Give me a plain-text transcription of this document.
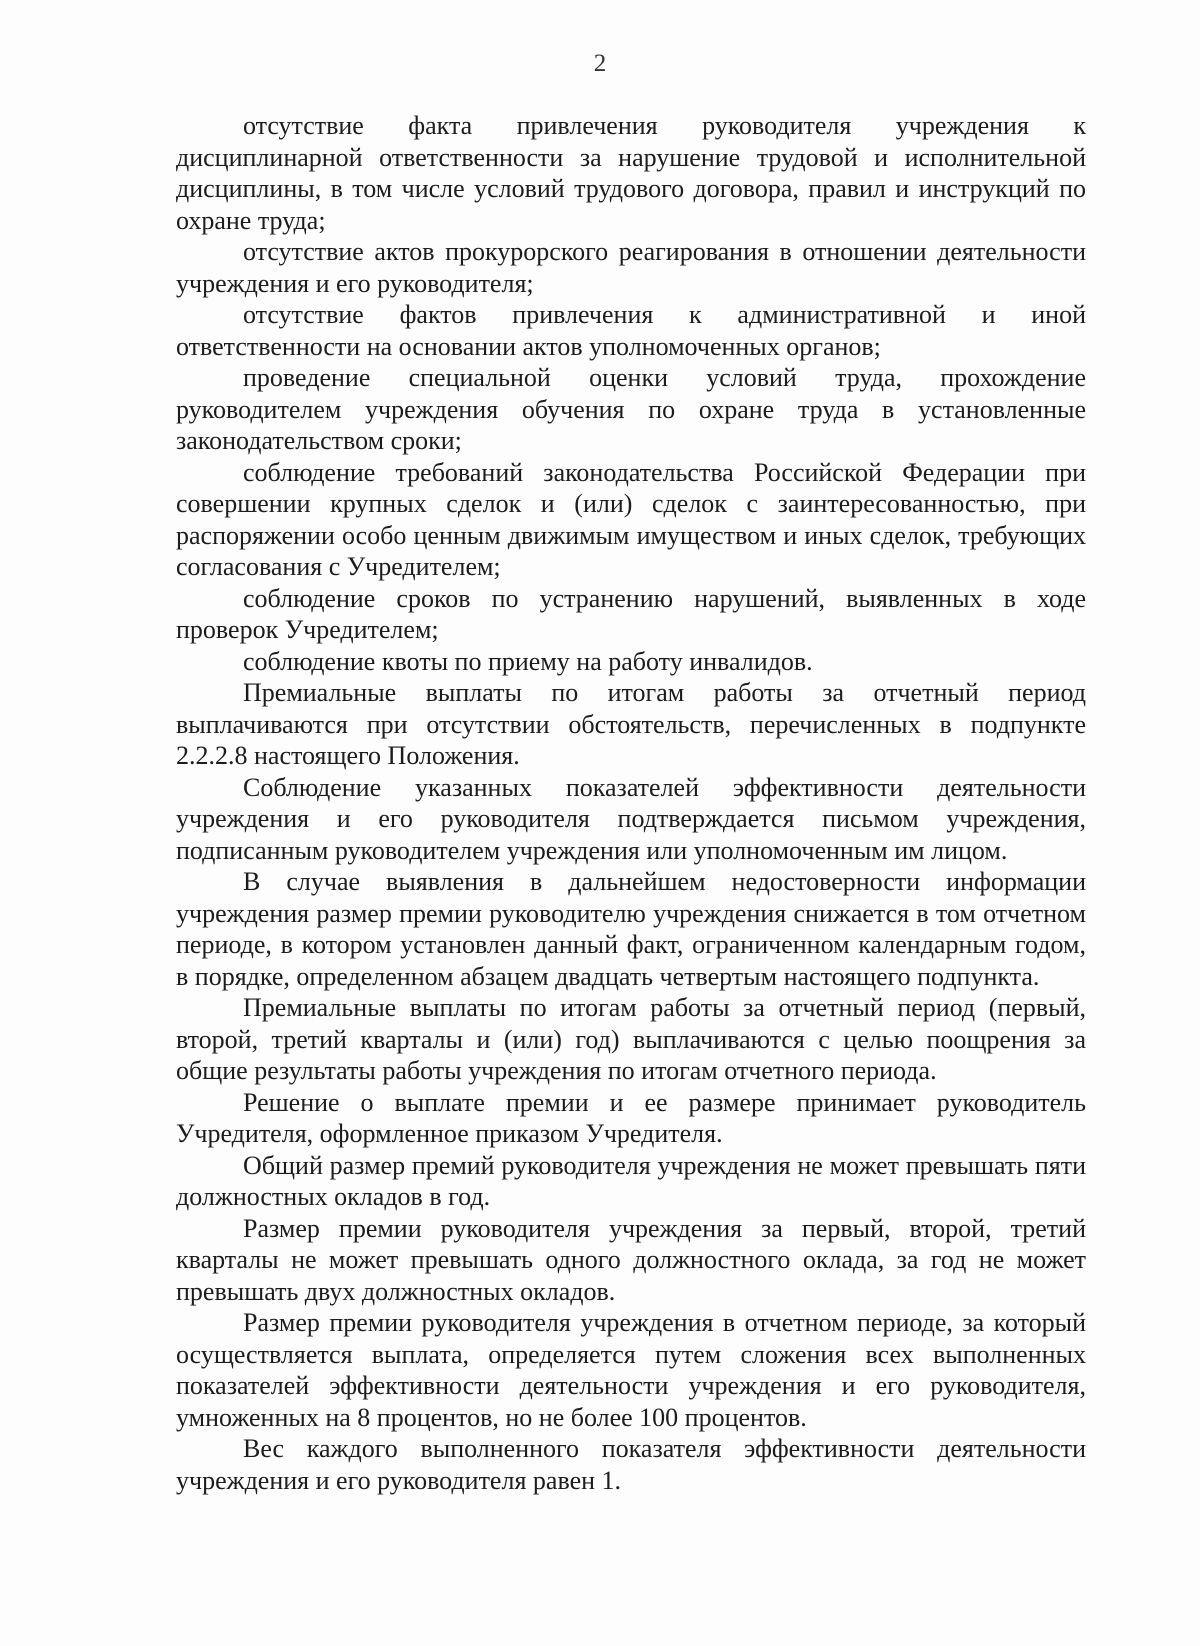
2

отсутствие факта привлечения руководителя учреждения к дисциплинарной ответственности за нарушение трудовой и исполнительной дисциплины, в том числе условий трудового договора, правил и инструкций по охране труда;

отсутствие актов прокурорского реагирования в отношении деятельности учреждения и его руководителя;

отсутствие фактов привлечения к административной и иной ответственности на основании актов уполномоченных органов;

проведение специальной оценки условий труда, прохождение руководителем учреждения обучения по охране труда в установленные законодательством сроки;

соблюдение требований законодательства Российской Федерации при совершении крупных сделок и (или) сделок с заинтересованностью, при распоряжении особо ценным движимым имуществом и иных сделок, требующих согласования с Учредителем;

соблюдение сроков по устранению нарушений, выявленных в ходе проверок Учредителем;

соблюдение квоты по приему на работу инвалидов.

Премиальные выплаты по итогам работы за отчетный период выплачиваются при отсутствии обстоятельств, перечисленных в подпункте 2.2.2.8 настоящего Положения.

Соблюдение указанных показателей эффективности деятельности учреждения и его руководителя подтверждается письмом учреждения, подписанным руководителем учреждения или уполномоченным им лицом.

В случае выявления в дальнейшем недостоверности информации учреждения размер премии руководителю учреждения снижается в том отчетном периоде, в котором установлен данный факт, ограниченном календарным годом, в порядке, определенном абзацем двадцать четвертым настоящего подпункта.

Премиальные выплаты по итогам работы за отчетный период (первый, второй, третий кварталы и (или) год) выплачиваются с целью поощрения за общие результаты работы учреждения по итогам отчетного периода.

Решение о выплате премии и ее размере принимает руководитель Учредителя, оформленное приказом Учредителя.

Общий размер премий руководителя учреждения не может превышать пяти должностных окладов в год.

Размер премии руководителя учреждения за первый, второй, третий кварталы не может превышать одного должностного оклада, за год не может превышать двух должностных окладов.

Размер премии руководителя учреждения в отчетном периоде, за который осуществляется выплата, определяется путем сложения всех выполненных показателей эффективности деятельности учреждения и его руководителя, умноженных на 8 процентов, но не более 100 процентов.

Вес каждого выполненного показателя эффективности деятельности учреждения и его руководителя равен 1.
